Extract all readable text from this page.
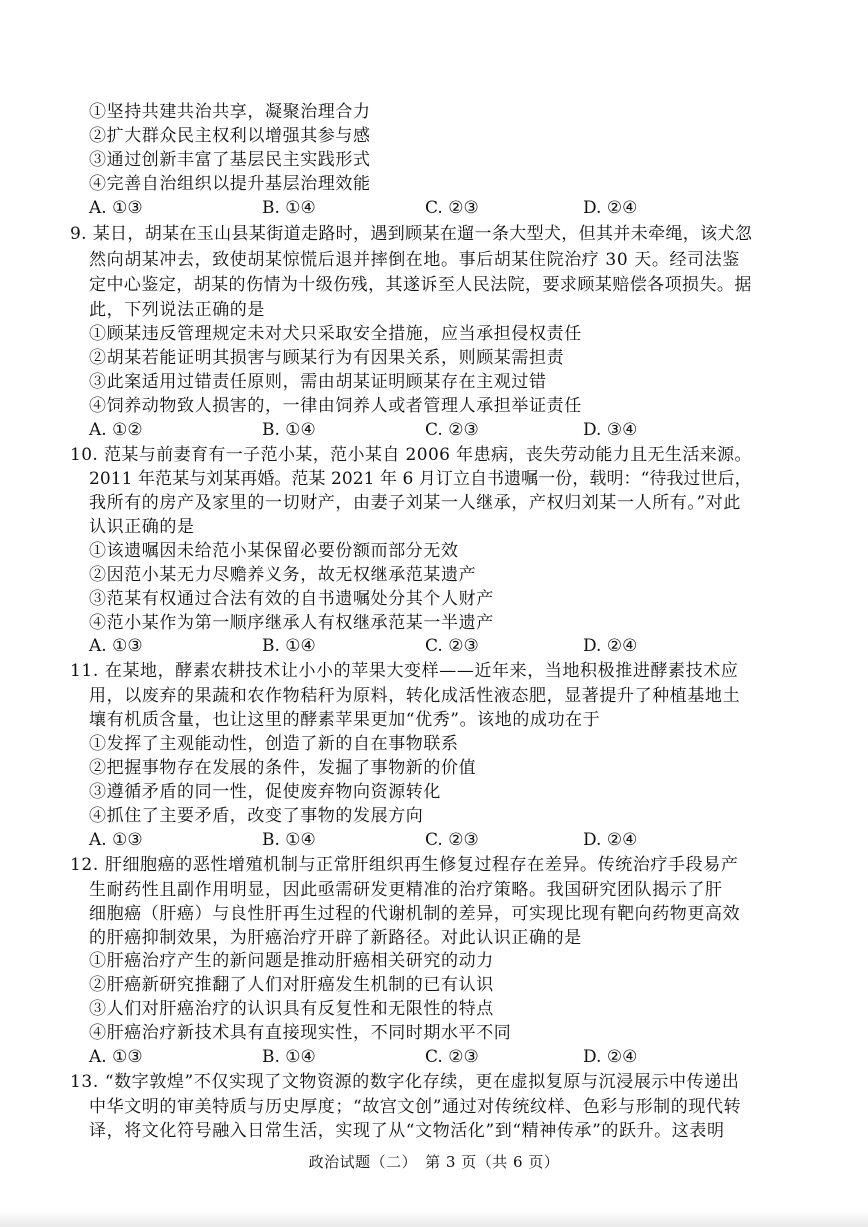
①坚持共建共治共享，凝聚治理合力
②扩大群众民主权利以增强其参与感
③通过创新丰富了基层民主实践形式
④完善自治组织以提升基层治理效能
A. ①③	B. ①④	C. ②③	D. ②④
9. 某日，胡某在玉山县某街道走路时，遇到顾某在遛一条大型犬，但其并未牵绳，该犬忽
然向胡某冲去，致使胡某惊慌后退并摔倒在地。事后胡某住院治疗 30 天。经司法鉴
定中心鉴定，胡某的伤情为十级伤残，其遂诉至人民法院，要求顾某赔偿各项损失。据
此，下列说法正确的是
①顾某违反管理规定未对犬只采取安全措施，应当承担侵权责任
②胡某若能证明其损害与顾某行为有因果关系，则顾某需担责
③此案适用过错责任原则，需由胡某证明顾某存在主观过错
④饲养动物致人损害的，一律由饲养人或者管理人承担举证责任
A. ①②	B. ①④	C. ②③	D. ③④
10. 范某与前妻育有一子范小某，范小某自 2006 年患病，丧失劳动能力且无生活来源。
2011 年范某与刘某再婚。范某 2021 年 6 月订立自书遗嘱一份，载明：“待我过世后，
我所有的房产及家里的一切财产，由妻子刘某一人继承，产权归刘某一人所有。”对此
认识正确的是
①该遗嘱因未给范小某保留必要份额而部分无效
②因范小某无力尽赡养义务，故无权继承范某遗产
③范某有权通过合法有效的自书遗嘱处分其个人财产
④范小某作为第一顺序继承人有权继承范某一半遗产
A. ①③	B. ①④	C. ②③	D. ②④
11. 在某地，酵素农耕技术让小小的苹果大变样——近年来，当地积极推进酵素技术应
用，以废弃的果蔬和农作物秸秆为原料，转化成活性液态肥，显著提升了种植基地土
壤有机质含量，也让这里的酵素苹果更加“优秀”。该地的成功在于
①发挥了主观能动性，创造了新的自在事物联系
②把握事物存在发展的条件，发掘了事物新的价值
③遵循矛盾的同一性，促使废弃物向资源转化
④抓住了主要矛盾，改变了事物的发展方向
A. ①③	B. ①④	C. ②③	D. ②④
12. 肝细胞癌的恶性增殖机制与正常肝组织再生修复过程存在差异。传统治疗手段易产
生耐药性且副作用明显，因此亟需研发更精准的治疗策略。我国研究团队揭示了肝
细胞癌（肝癌）与良性肝再生过程的代谢机制的差异，可实现比现有靶向药物更高效
的肝癌抑制效果，为肝癌治疗开辟了新路径。对此认识正确的是
①肝癌治疗产生的新问题是推动肝癌相关研究的动力
②肝癌新研究推翻了人们对肝癌发生机制的已有认识
③人们对肝癌治疗的认识具有反复性和无限性的特点
④肝癌治疗新技术具有直接现实性，不同时期水平不同
A. ①③	B. ①④	C. ②③	D. ②④
13. “数字敦煌”不仅实现了文物资源的数字化存续，更在虚拟复原与沉浸展示中传递出
中华文明的审美特质与历史厚度；“故宫文创”通过对传统纹样、色彩与形制的现代转
译，将文化符号融入日常生活，实现了从“文物活化”到“精神传承”的跃升。这表明
政治试题（二）　第 3 页（共 6 页）
